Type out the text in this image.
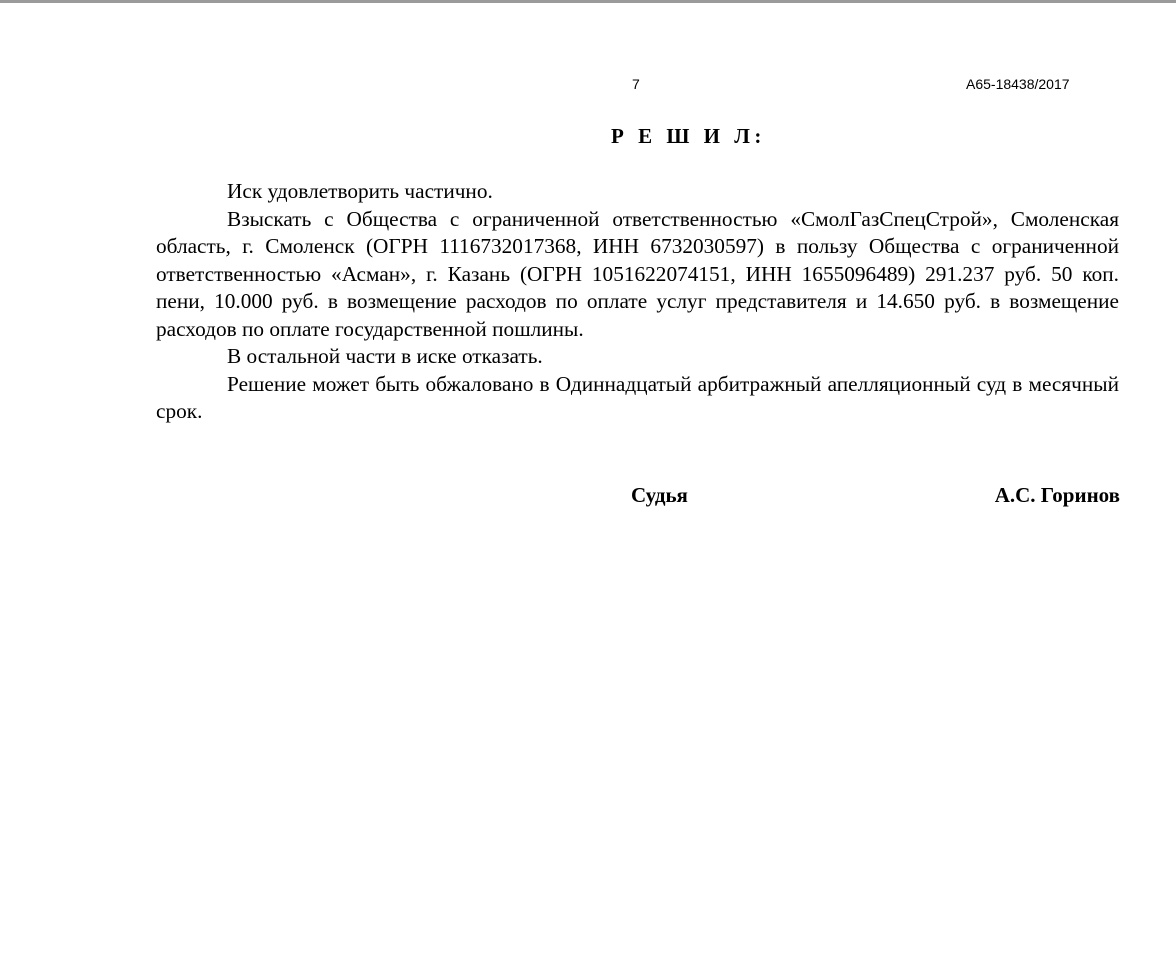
7	А65-18438/2017
Р Е Ш И Л:

Иск удовлетворить частично.

Взыскать с Общества с ограниченной ответственностью «СмолГазСпецСтрой», Смоленская область, г. Смоленск (ОГРН 1116732017368, ИНН 6732030597) в пользу Общества с ограниченной ответственностью «Асман», г. Казань (ОГРН 1051622074151, ИНН 1655096489) 291.237 руб. 50 коп. пени, 10.000 руб. в возмещение расходов по оплате услуг представителя и 14.650 руб. в возмещение расходов по оплате государственной пошлины.

В остальной части в иске отказать.

Решение может быть обжаловано в Одиннадцатый арбитражный апелляционный суд в месячный срок.

Судья	А.С. Горинов
